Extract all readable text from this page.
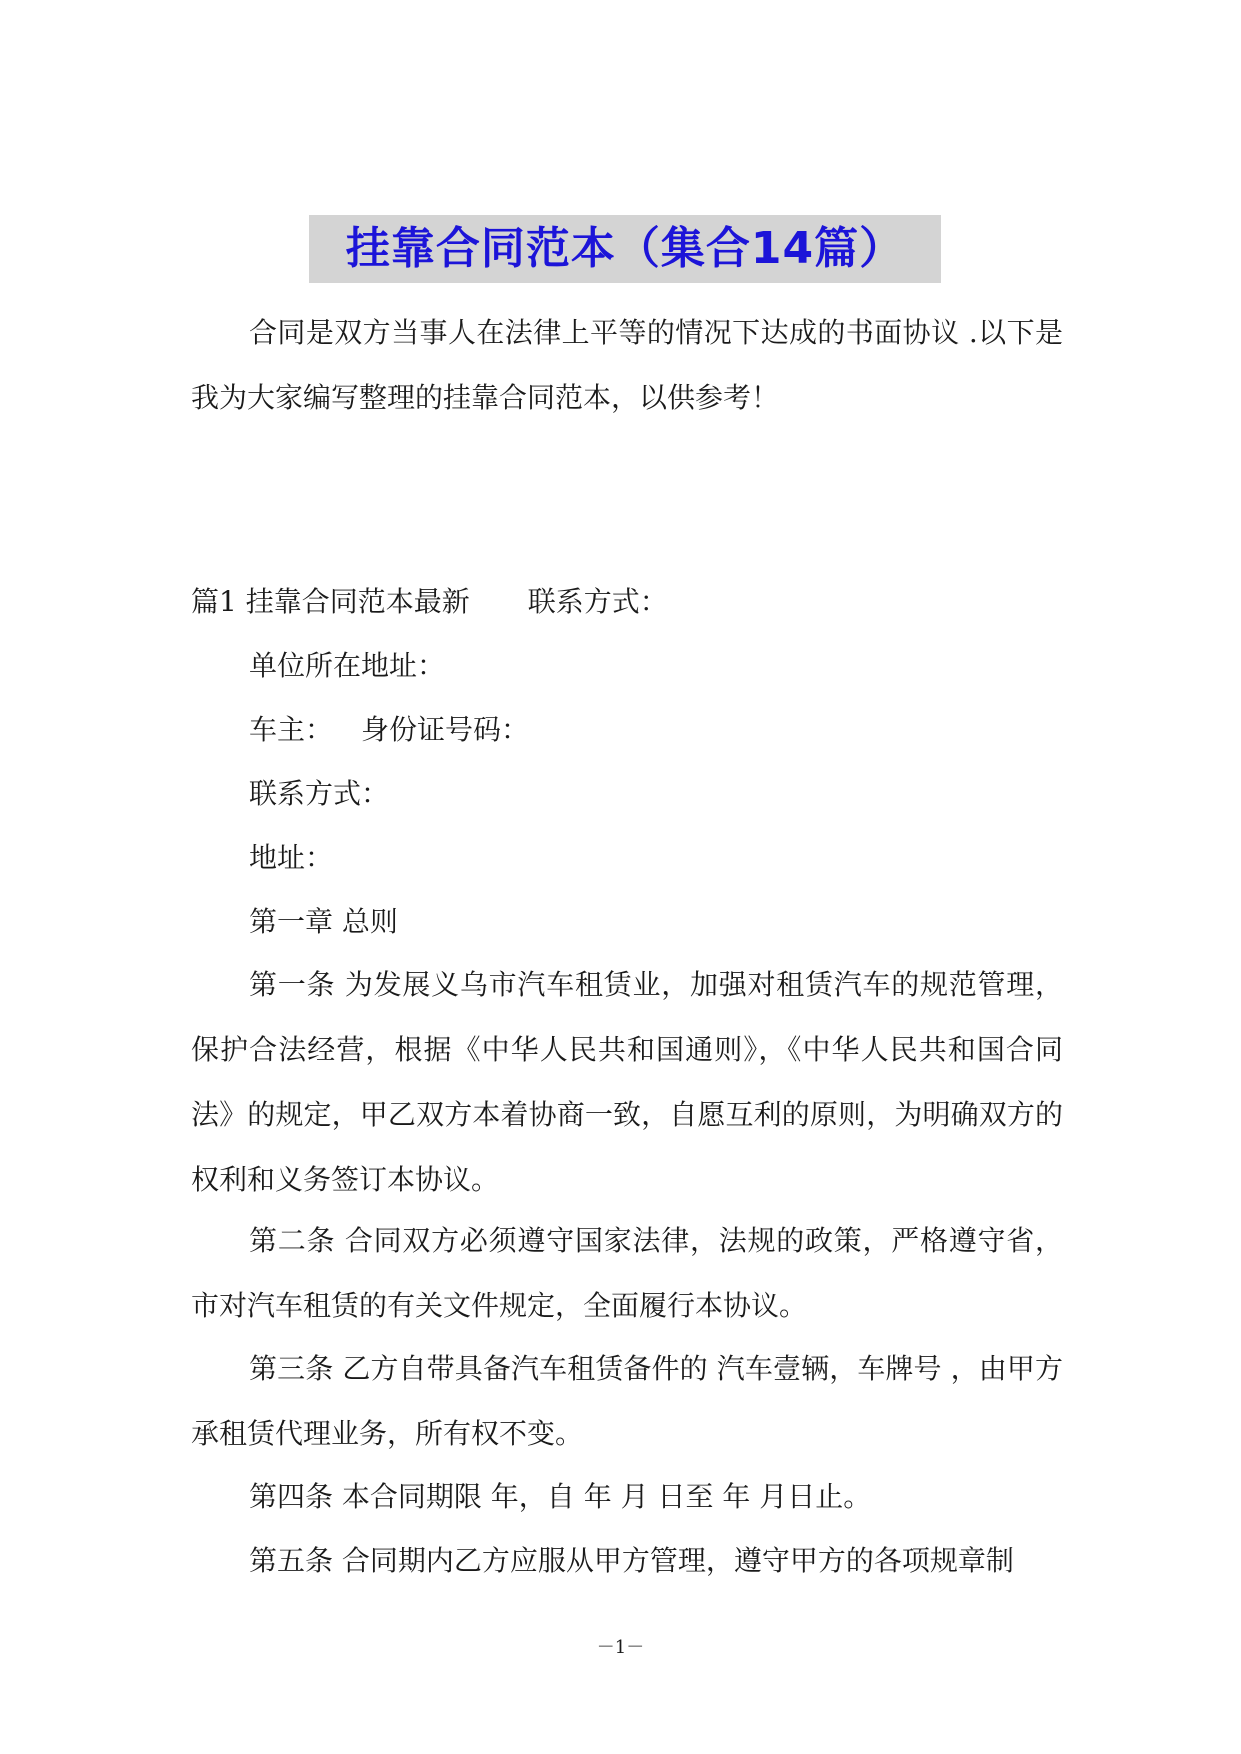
挂靠合同范本（集合14篇）

合同是双方当事人在法律上平等的情况下达成的书面协议 .以下是我为大家编写整理的挂靠合同范本，以供参考！

篇1 挂靠合同范本最新 联系方式：
单位所在地址：
车主： 身份证号码：
联系方式：
地址：
第一章 总则

第一条 为发展义乌市汽车租赁业，加强对租赁汽车的规范管理，保护合法经营，根据《中华人民共和国通则》，《中华人民共和国合同法》的规定，甲乙双方本着协商一致，自愿互利的原则，为明确双方的权利和义务签订本协议。

第二条 合同双方必须遵守国家法律，法规的政策，严格遵守省，市对汽车租赁的有关文件规定，全面履行本协议。

第三条 乙方自带具备汽车租赁备件的 汽车壹辆，车牌号 ，由甲方承租赁代理业务，所有权不变。

第四条 本合同期限 年，自 年 月 日至 年 月日止。

第五条 合同期内乙方应服从甲方管理，遵守甲方的各项规章制

－1－
